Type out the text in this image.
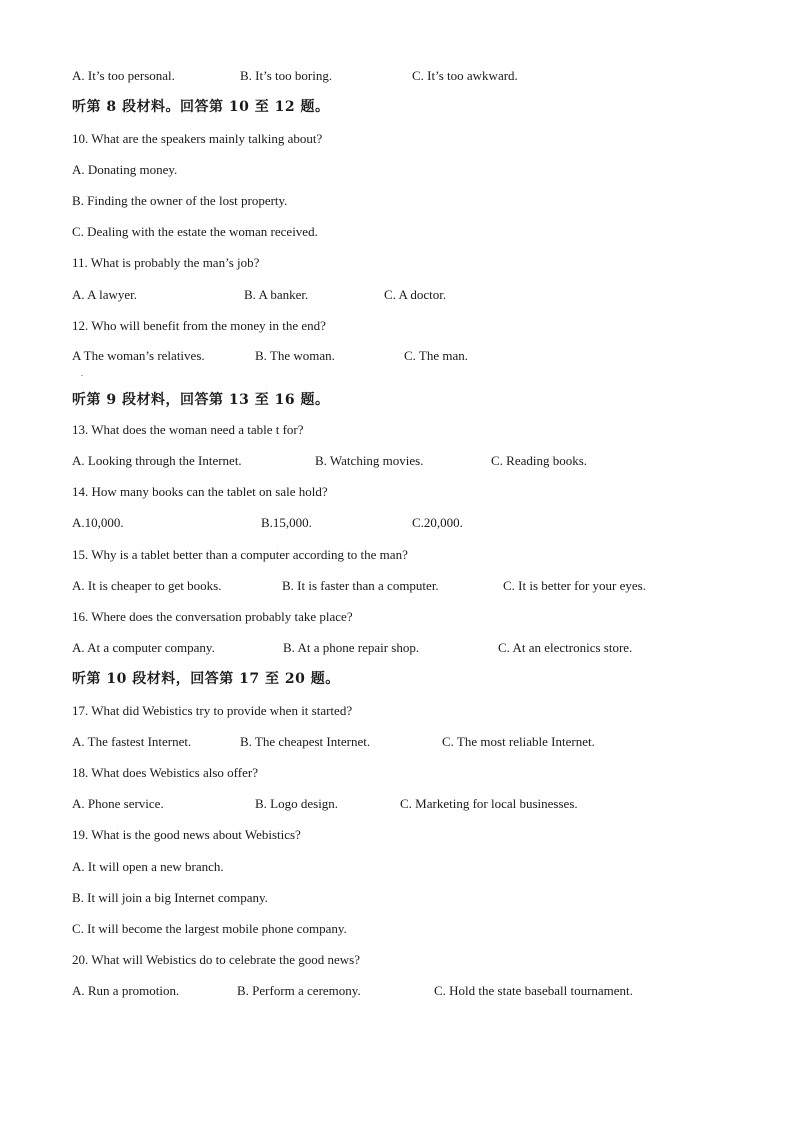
A. It’s too personal.	B. It’s too boring.	C. It’s too awkward.
听第 8 段材料。回答第 10 至 12 题。
10. What are the speakers mainly talking about?
A. Donating money.
B. Finding the owner of the lost property.
C. Dealing with the estate the woman received.
11. What is probably the man’s job?
A. A lawyer.	B. A banker.	C. A doctor.
12. Who will benefit from the money in the end?
A The woman’s relatives.	B. The woman.	C. The man.
.
听第 9 段材料，回答第 13 至 16 题。
13. What does the woman need a table t for?
A. Looking through the Internet.	B. Watching movies.	C. Reading books.
14. How many books can the tablet on sale hold?
A.10,000.	B.15,000.	C.20,000.
15. Why is a tablet better than a computer according to the man?
A. It is cheaper to get books.	B. It is faster than a computer.	C. It is better for your eyes.
16. Where does the conversation probably take place?
A. At a computer company.	B. At a phone repair shop.	C. At an electronics store.
听第 10 段材料，回答第 17 至 20 题。
17. What did Webistics try to provide when it started?
A. The fastest Internet.	B. The cheapest Internet.	C. The most reliable Internet.
18. What does Webistics also offer?
A. Phone service.	B. Logo design.	C. Marketing for local businesses.
19. What is the good news about Webistics?
A. It will open a new branch.
B. It will join a big Internet company.
C. It will become the largest mobile phone company.
20. What will Webistics do to celebrate the good news?
A. Run a promotion.	B. Perform a ceremony.	C. Hold the state baseball tournament.
